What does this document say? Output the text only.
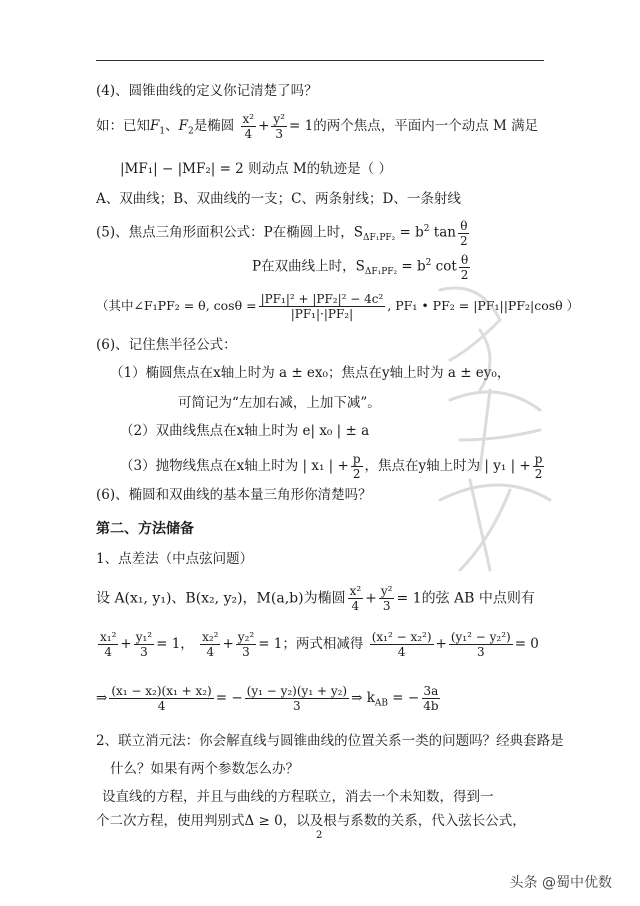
(4)、圆锥曲线的定义你记清楚了吗？
如：已知$F_1$、$F_2$是椭圆 $\frac{\text{x²}}{4} + \frac{\text{y²}}{3} = 1$的两个焦点，平面内一个动点 M 满足
|MF₁| − |MF₂| = 2 则动点 M的轨迹是（ ）
A、双曲线；B、双曲线的一支；C、两条射线；D、一条射线
(5)、焦点三角形面积公式：P在椭圆上时，$S_{\Delta F_1PF_2} = b^2$ $\tan \frac{\theta}{2}$
P在双曲线上时，$S_{\Delta F_1PF_2} = b^2$ $\cot \frac{\theta}{2}$
（其中∠F₁PF₂ = θ, $\cos\theta = \frac{\text{|PF₁|² + |PF₂|² − 4c²}}{\text{|PF₁|·|PF₂|}}$ , PF₁ • PF₂ = |PF₁||PF₂|cosθ ）
(6)、记住焦半径公式：
（1）椭圆焦点在x轴上时为 a ± ex₀；焦点在y轴上时为 a ± ey₀，
可简记为“左加右减，上加下减”。
（2）双曲线焦点在x轴上时为 e| x₀ | ± a
（3）抛物线焦点在x轴上时为 | x₁ | + $\frac{p}{2}$ ，焦点在y轴上时为 | y₁ | + $\frac{p}{2}$
(6)、椭圆和双曲线的基本量三角形你清楚吗？
第二、方法储备
1、点差法（中点弦问题）
设 A(x₁, y₁)、B(x₂, y₂)，M(a,b)为椭圆 $\frac{\text{x²}}{4} + \frac{\text{y²}}{3} = 1$的弦 AB 中点则有
$\frac{\text{x₁²}}{4} + \frac{\text{y₁²}}{3} = 1$， $\frac{\text{x₂²}}{4} + \frac{\text{y₂²}}{3} = 1$；两式相减得 $\frac{\text{(x₁² − x₂²)}}{4} + \frac{\text{(y₁² − y₂²)}}{3} = 0$
⇒ $\frac{\text{(x₁ − x₂)(x₁ + x₂)}}{4}$ = − $\frac{\text{(y₁ − y₂)(y₁ + y₂)}}{3}$ ⇒ $k_{AB}$ = − $\frac{3a}{4b}$
2、联立消元法：你会解直线与圆锥曲线的位置关系一类的问题吗？经典套路是
什么？如果有两个参数怎么办？
设直线的方程，并且与曲线的方程联立，消去一个未知数，得到一
个二次方程，使用判别式Δ ≥ 0，以及根与系数的关系，代入弦长公式，
2
头条 @蜀中优数
